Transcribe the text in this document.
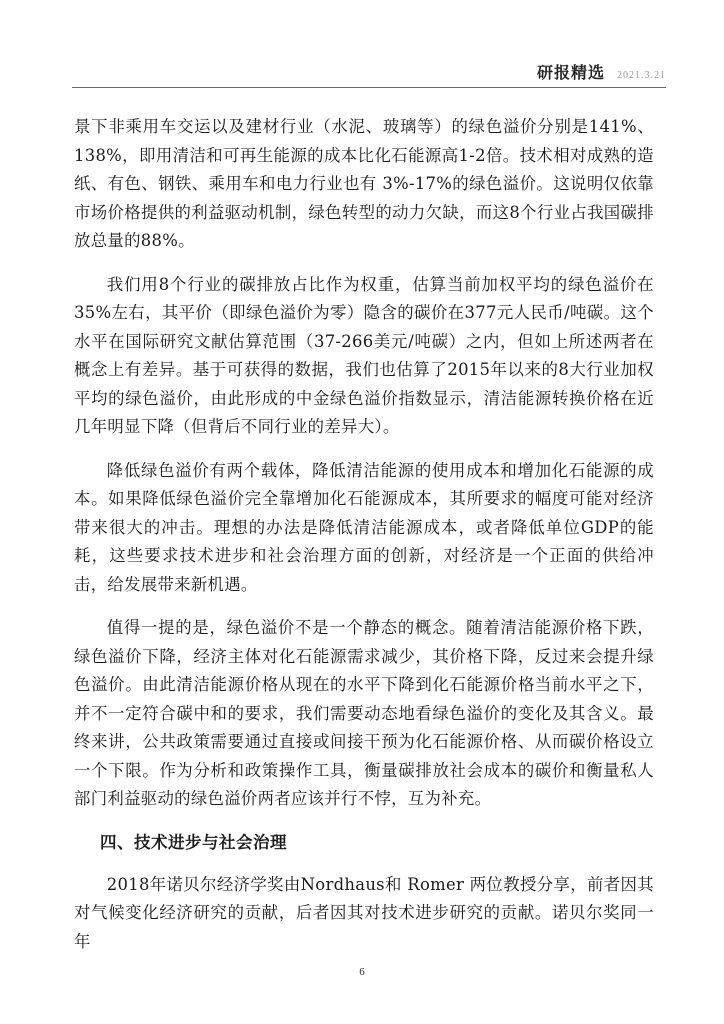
研报精选 2021.3.21

景下非乘用车交运以及建材行业（水泥、玻璃等）的绿色溢价分别是141%、138%，即用清洁和可再生能源的成本比化石能源高1-2倍。技术相对成熟的造纸、有色、钢铁、乘用车和电力行业也有 3%-17%的绿色溢价。这说明仅依靠市场价格提供的利益驱动机制，绿色转型的动力欠缺，而这8个行业占我国碳排放总量的88%。

我们用8个行业的碳排放占比作为权重，估算当前加权平均的绿色溢价在35%左右，其平价（即绿色溢价为零）隐含的碳价在377元人民币/吨碳。这个水平在国际研究文献估算范围（37-266美元/吨碳）之内，但如上所述两者在概念上有差异。基于可获得的数据，我们也估算了2015年以来的8大行业加权平均的绿色溢价，由此形成的中金绿色溢价指数显示，清洁能源转换价格在近几年明显下降（但背后不同行业的差异大）。

降低绿色溢价有两个载体，降低清洁能源的使用成本和增加化石能源的成本。如果降低绿色溢价完全靠增加化石能源成本，其所要求的幅度可能对经济带来很大的冲击。理想的办法是降低清洁能源成本，或者降低单位GDP的能耗，这些要求技术进步和社会治理方面的创新，对经济是一个正面的供给冲击，给发展带来新机遇。

值得一提的是，绿色溢价不是一个静态的概念。随着清洁能源价格下跌，绿色溢价下降，经济主体对化石能源需求减少，其价格下降，反过来会提升绿色溢价。由此清洁能源价格从现在的水平下降到化石能源价格当前水平之下，并不一定符合碳中和的要求，我们需要动态地看绿色溢价的变化及其含义。最终来讲，公共政策需要通过直接或间接干预为化石能源价格、从而碳价格设立一个下限。作为分析和政策操作工具，衡量碳排放社会成本的碳价和衡量私人部门利益驱动的绿色溢价两者应该并行不悖，互为补充。

四、技术进步与社会治理

2018年诺贝尔经济学奖由Nordhaus和 Romer 两位教授分享，前者因其对气候变化经济研究的贡献，后者因其对技术进步研究的贡献。诺贝尔奖同一年

6
